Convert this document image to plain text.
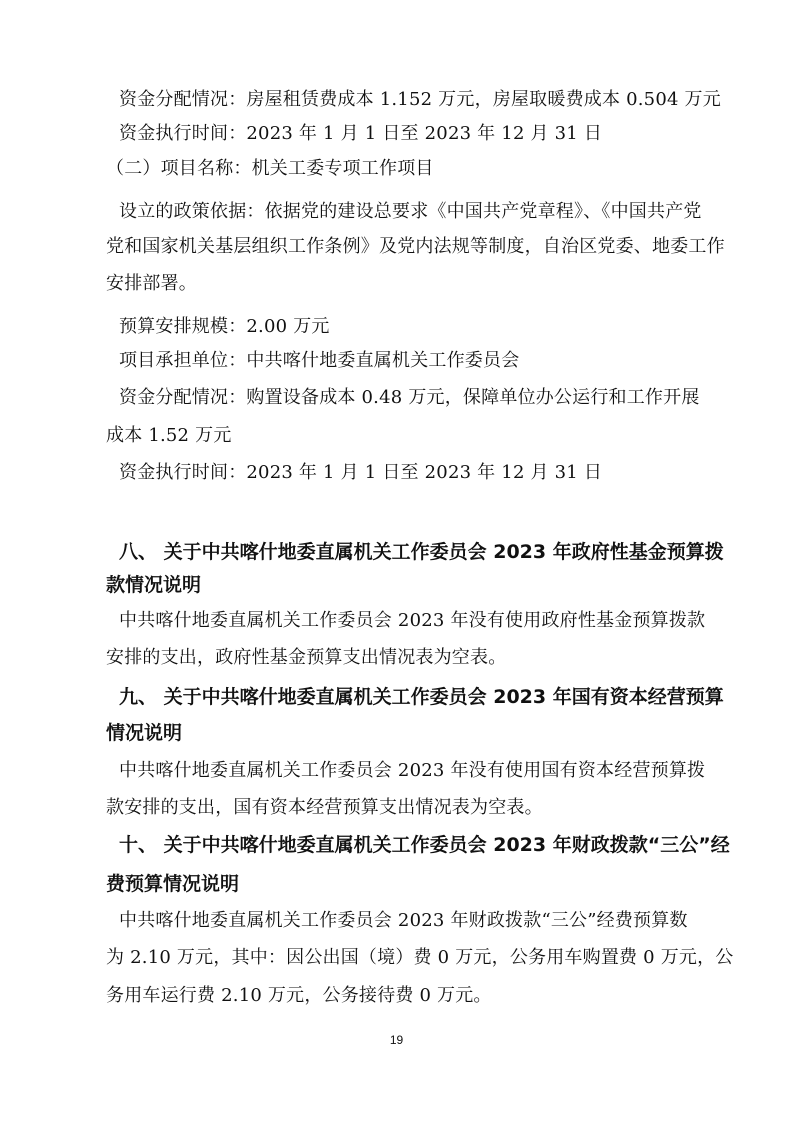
资金分配情况：房屋租赁费成本 1.152 万元，房屋取暖费成本 0.504 万元
资金执行时间：2023 年 1 月 1 日至 2023 年 12 月 31 日
（二）项目名称：机关工委专项工作项目
设立的政策依据：依据党的建设总要求《中国共产党章程》、《中国共产党
党和国家机关基层组织工作条例》及党内法规等制度，自治区党委、地委工作
安排部署。
预算安排规模：2.00 万元
项目承担单位：中共喀什地委直属机关工作委员会
资金分配情况：购置设备成本 0.48 万元，保障单位办公运行和工作开展
成本 1.52 万元
资金执行时间：2023 年 1 月 1 日至 2023 年 12 月 31 日
八、 关于中共喀什地委直属机关工作委员会 2023 年政府性基金预算拨
款情况说明
中共喀什地委直属机关工作委员会 2023 年没有使用政府性基金预算拨款
安排的支出，政府性基金预算支出情况表为空表。
九、 关于中共喀什地委直属机关工作委员会 2023 年国有资本经营预算
情况说明
中共喀什地委直属机关工作委员会 2023 年没有使用国有资本经营预算拨
款安排的支出，国有资本经营预算支出情况表为空表。
十、 关于中共喀什地委直属机关工作委员会 2023 年财政拨款“三公”经
费预算情况说明
中共喀什地委直属机关工作委员会 2023 年财政拨款“三公”经费预算数
为 2.10 万元，其中：因公出国（境）费 0 万元，公务用车购置费 0 万元，公
务用车运行费 2.10 万元，公务接待费 0 万元。
19
